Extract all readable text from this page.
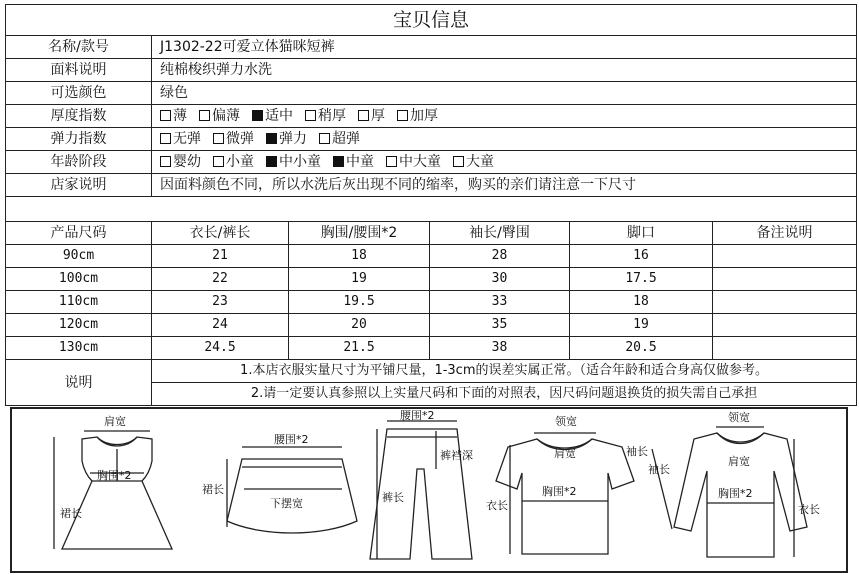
宝贝信息					
名称/款号	J1302-22可爱立体猫咪短裤				
面料说明	纯棉梭织弹力水洗				
可选颜色	绿色				
厚度指数	薄 偏薄 适中 稍厚 厚 加厚				
弹力指数	无弹 微弹 弹力 超弹				
年龄阶段	婴幼 小童 中小童 中童 中大童 大童				
店家说明	因面料颜色不同，所以水洗后灰出现不同的缩率，购买的亲们请注意一下尺寸				

产品尺码	衣长/裤长	胸围/腰围*2	袖长/臀围	脚口	备注说明
90cm	21	18	28	16	
100cm	22	19	30	17.5	
110cm	23	19.5	33	18	
120cm	24	20	35	19	
130cm	24.5	21.5	38	20.5	
说明	1.本店衣服实量尺寸为平铺尺量，1-3cm的误差实属正常。（适合年龄和适合身高仅做参考。				
	2.请一定要认真参照以上实量尺码和下面的对照表，因尺码问题退换货的损失需自己承担				
肩宽
胸围*2
裙长
腰围*2
裙长
下摆宽
腰围*2
裤裆深
裤长
领宽
肩宽	袖长
衣长
胸围*2
领宽
肩宽
袖长
胸围*2
衣长
